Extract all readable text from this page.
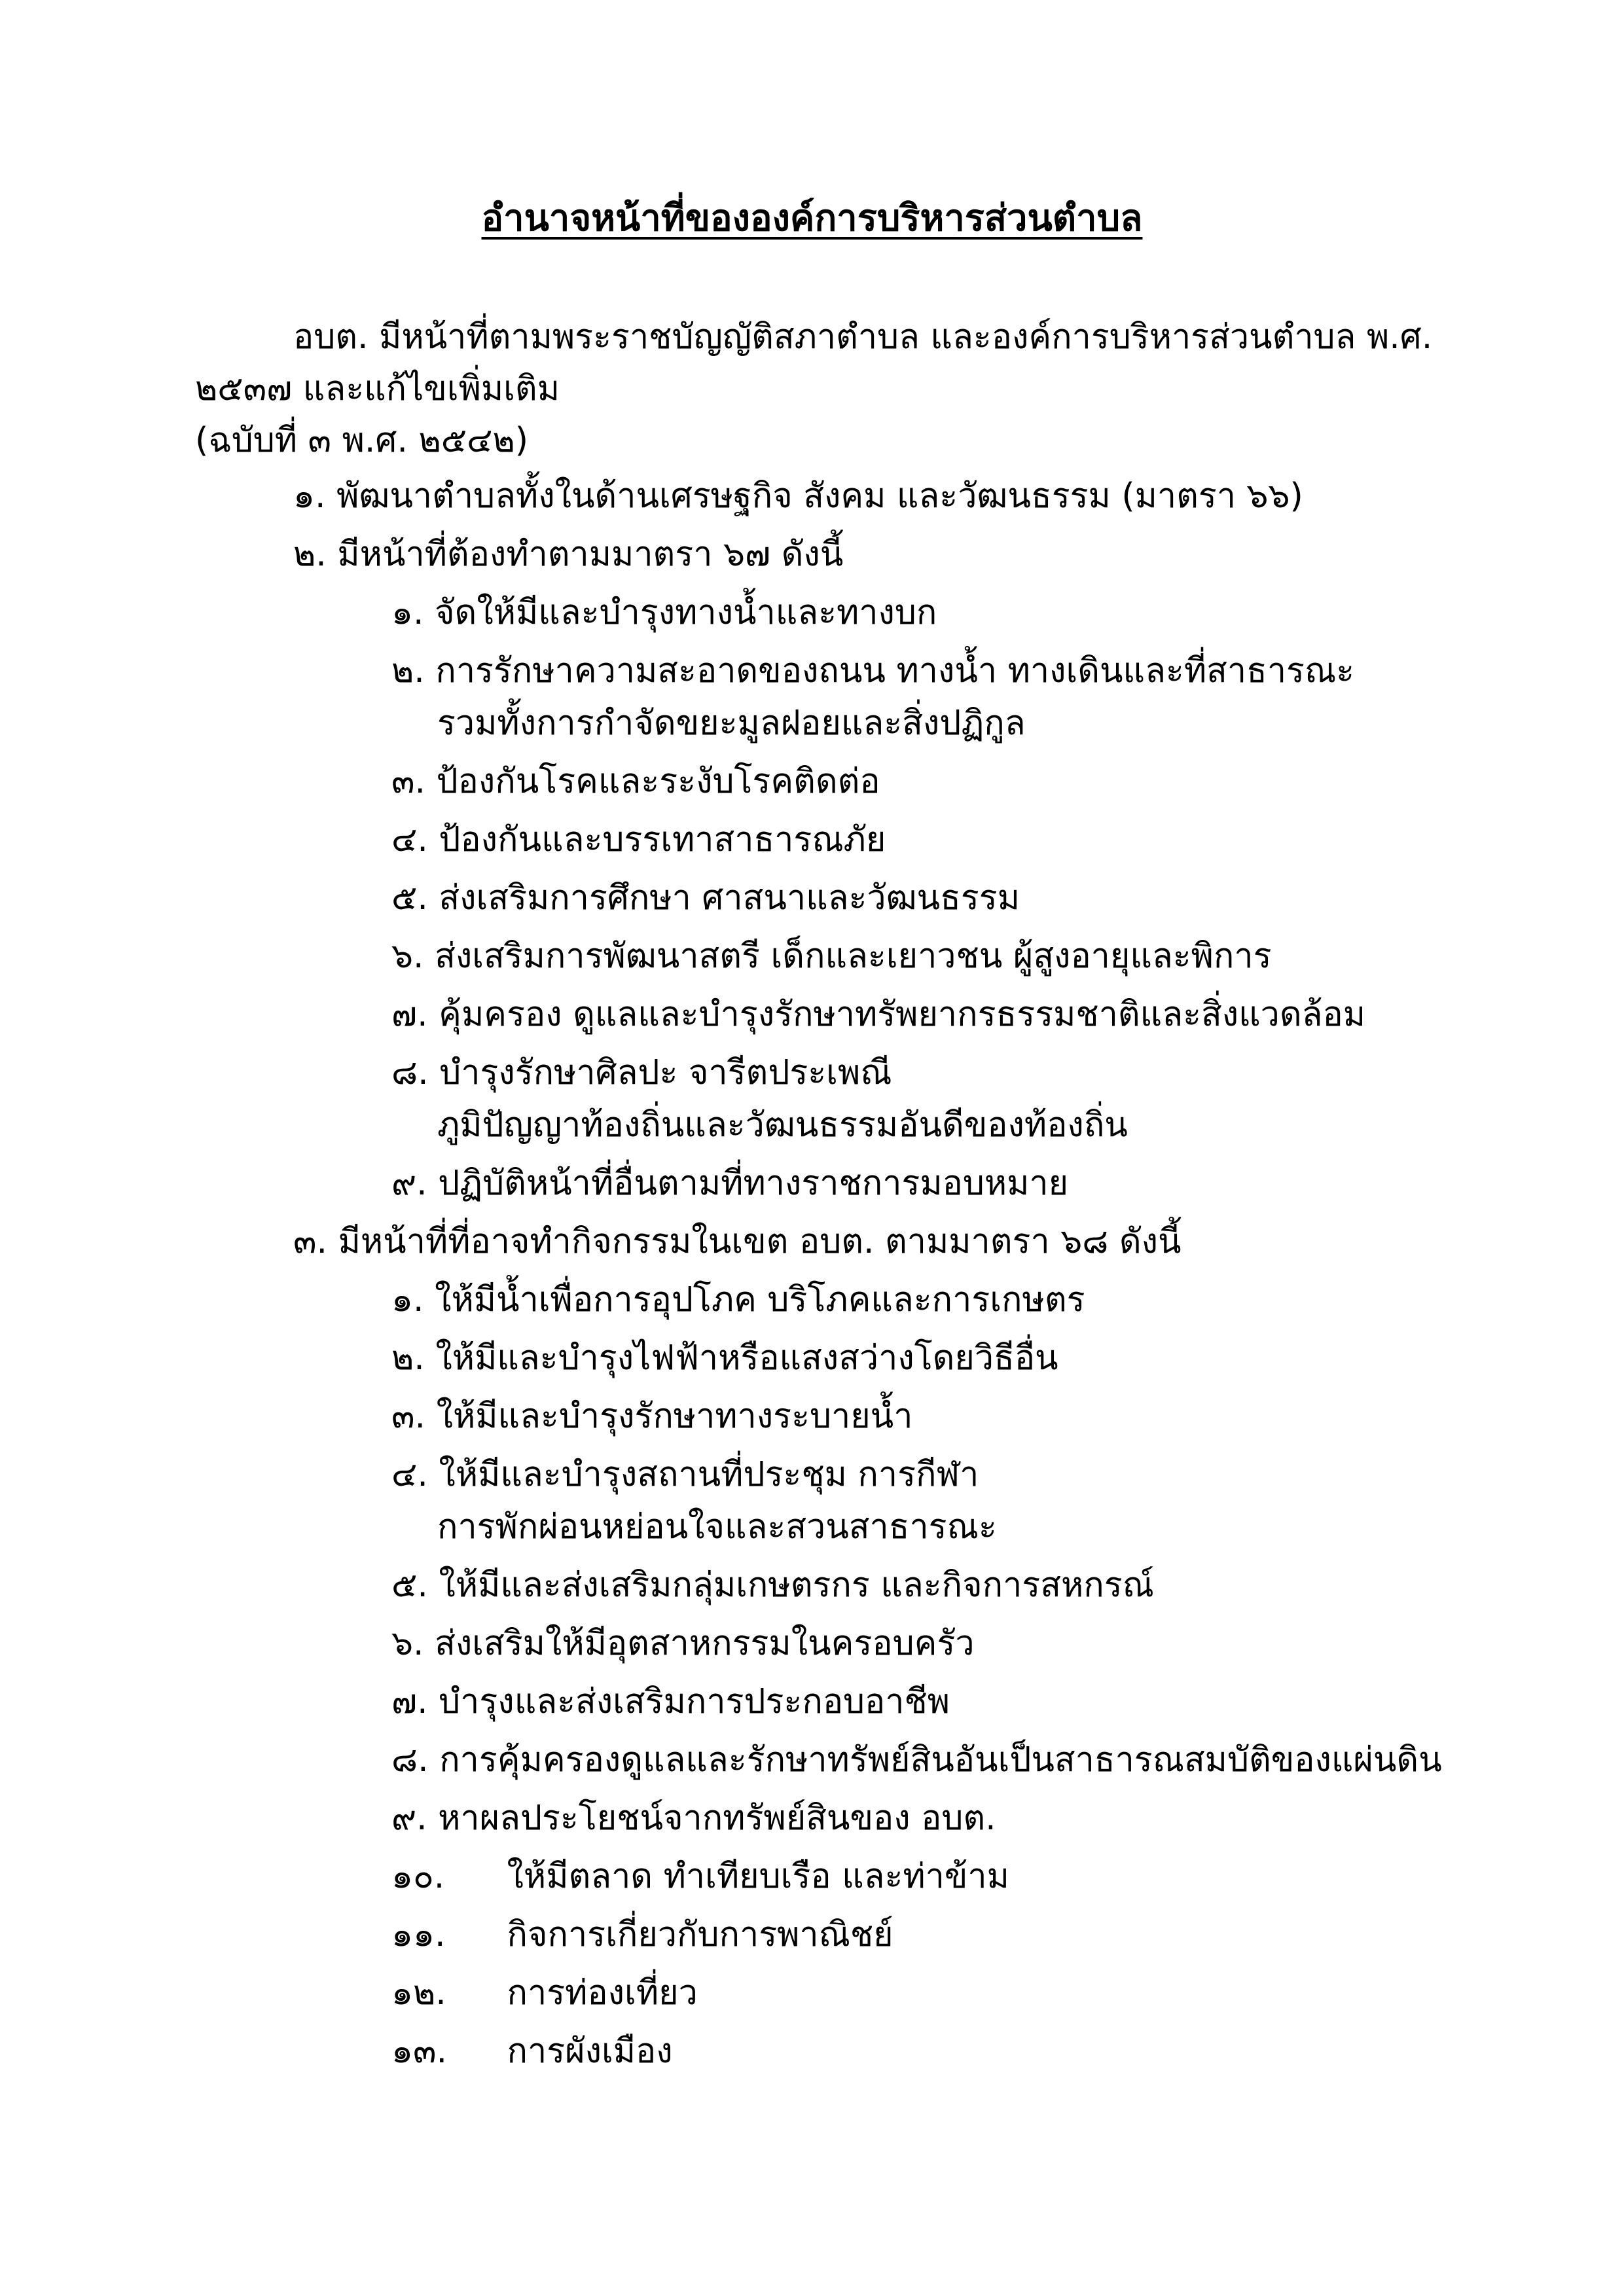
อำนาจหน้าที่ขององค์การบริหารส่วนตำบล
อบต. มีหน้าที่ตามพระราชบัญญัติสภาตำบล และองค์การบริหารส่วนตำบล พ.ศ.
๒๕๓๗ และแก้ไขเพิ่มเติม
(ฉบับที่ ๓ พ.ศ. ๒๕๔๒)
๑. พัฒนาตำบลทั้งในด้านเศรษฐกิจ สังคม และวัฒนธรรม (มาตรา ๖๖)
๒. มีหน้าที่ต้องทำตามมาตรา ๖๗ ดังนี้
๑. จัดให้มีและบำรุงทางน้ำและทางบก
๒. การรักษาความสะอาดของถนน ทางน้ำ ทางเดินและที่สาธารณะ
รวมทั้งการกำจัดขยะมูลฝอยและสิ่งปฏิกูล
๓. ป้องกันโรคและระงับโรคติดต่อ
๔. ป้องกันและบรรเทาสาธารณภัย
๕. ส่งเสริมการศึกษา ศาสนาและวัฒนธรรม
๖. ส่งเสริมการพัฒนาสตรี เด็กและเยาวชน ผู้สูงอายุและพิการ
๗. คุ้มครอง ดูแลและบำรุงรักษาทรัพยากรธรรมชาติและสิ่งแวดล้อม
๘. บำรุงรักษาศิลปะ จารีตประเพณี
ภูมิปัญญาท้องถิ่นและวัฒนธรรมอันดีของท้องถิ่น
๙. ปฏิบัติหน้าที่อื่นตามที่ทางราชการมอบหมาย
๓. มีหน้าที่ที่อาจทำกิจกรรมในเขต อบต. ตามมาตรา ๖๘ ดังนี้
๑. ให้มีน้ำเพื่อการอุปโภค บริโภคและการเกษตร
๒. ให้มีและบำรุงไฟฟ้าหรือแสงสว่างโดยวิธีอื่น
๓. ให้มีและบำรุงรักษาทางระบายน้ำ
๔. ให้มีและบำรุงสถานที่ประชุม การกีฬา
การพักผ่อนหย่อนใจและสวนสาธารณะ
๕. ให้มีและส่งเสริมกลุ่มเกษตรกร และกิจการสหกรณ์
๖. ส่งเสริมให้มีอุตสาหกรรมในครอบครัว
๗. บำรุงและส่งเสริมการประกอบอาชีพ
๘. การคุ้มครองดูแลและรักษาทรัพย์สินอันเป็นสาธารณสมบัติของแผ่นดิน
๙. หาผลประโยชน์จากทรัพย์สินของ อบต.
๑๐. ให้มีตลาด ทำเทียบเรือ และท่าข้าม
๑๑. กิจการเกี่ยวกับการพาณิชย์
๑๒. การท่องเที่ยว
๑๓. การผังเมือง
